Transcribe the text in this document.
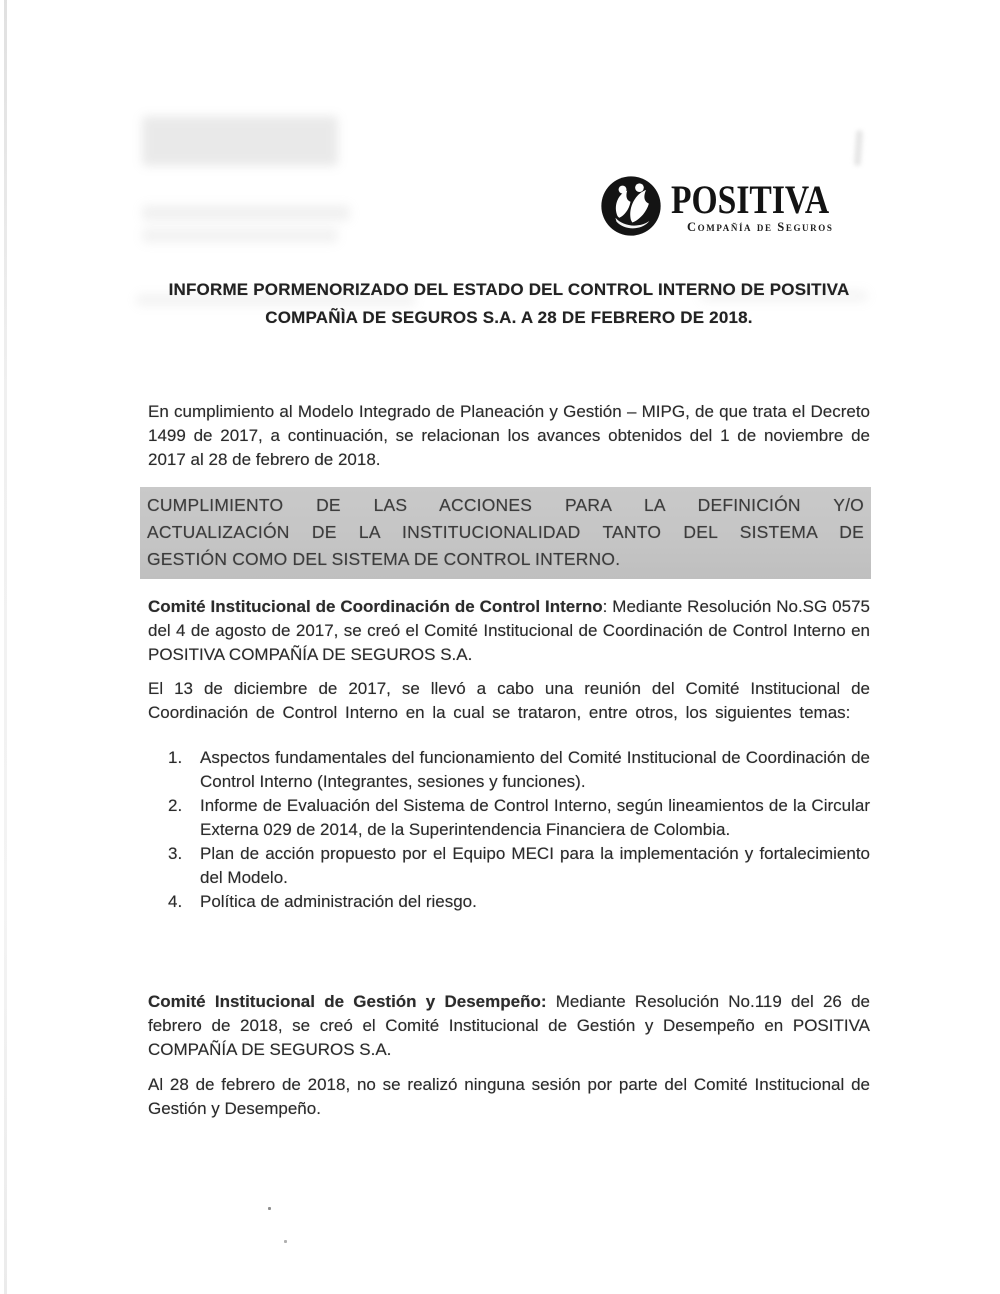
POSITIVA
Compañía de Seguros
INFORME PORMENORIZADO DEL ESTADO DEL CONTROL INTERNO DE POSITIVA
COMPAÑÌA DE SEGUROS S.A. A 28 DE FEBRERO DE 2018.

En cumplimiento al Modelo Integrado de Planeación y Gestión – MIPG, de que trata el Decreto 1499 de 2017, a continuación, se relacionan los avances obtenidos del 1 de noviembre de 2017 al 28 de febrero de 2018.

CUMPLIMIENTO DE LAS ACCIONES PARA LA DEFINICIÓN Y/O
ACTUALIZACIÓN DE LA INSTITUCIONALIDAD TANTO DEL SISTEMA DE
GESTIÓN COMO DEL SISTEMA DE CONTROL INTERNO.

Comité Institucional de Coordinación de Control Interno: Mediante Resolución No.SG 0575 del 4 de agosto de 2017, se creó el Comité Institucional de Coordinación de Control Interno en POSITIVA COMPAÑÍA DE SEGUROS S.A.

El 13 de diciembre de 2017, se llevó a cabo una reunión del Comité Institucional de Coordinación de Control Interno en la cual se trataron, entre otros, los siguientes temas:

1.	Aspectos fundamentales del funcionamiento del Comité Institucional de Coordinación de Control Interno (Integrantes, sesiones y funciones).
2.	Informe de Evaluación del Sistema de Control Interno, según lineamientos de la Circular Externa 029 de 2014, de la Superintendencia Financiera de Colombia.
3.	Plan de acción propuesto por el Equipo MECI para la implementación y fortalecimiento del Modelo.
4.	Política de administración del riesgo.

Comité Institucional de Gestión y Desempeño: Mediante Resolución No.119 del 26 de febrero de 2018, se creó el Comité Institucional de Gestión y Desempeño en POSITIVA COMPAÑÍA DE SEGUROS S.A.

Al 28 de febrero de 2018, no se realizó ninguna sesión por parte del Comité Institucional de Gestión y Desempeño.
